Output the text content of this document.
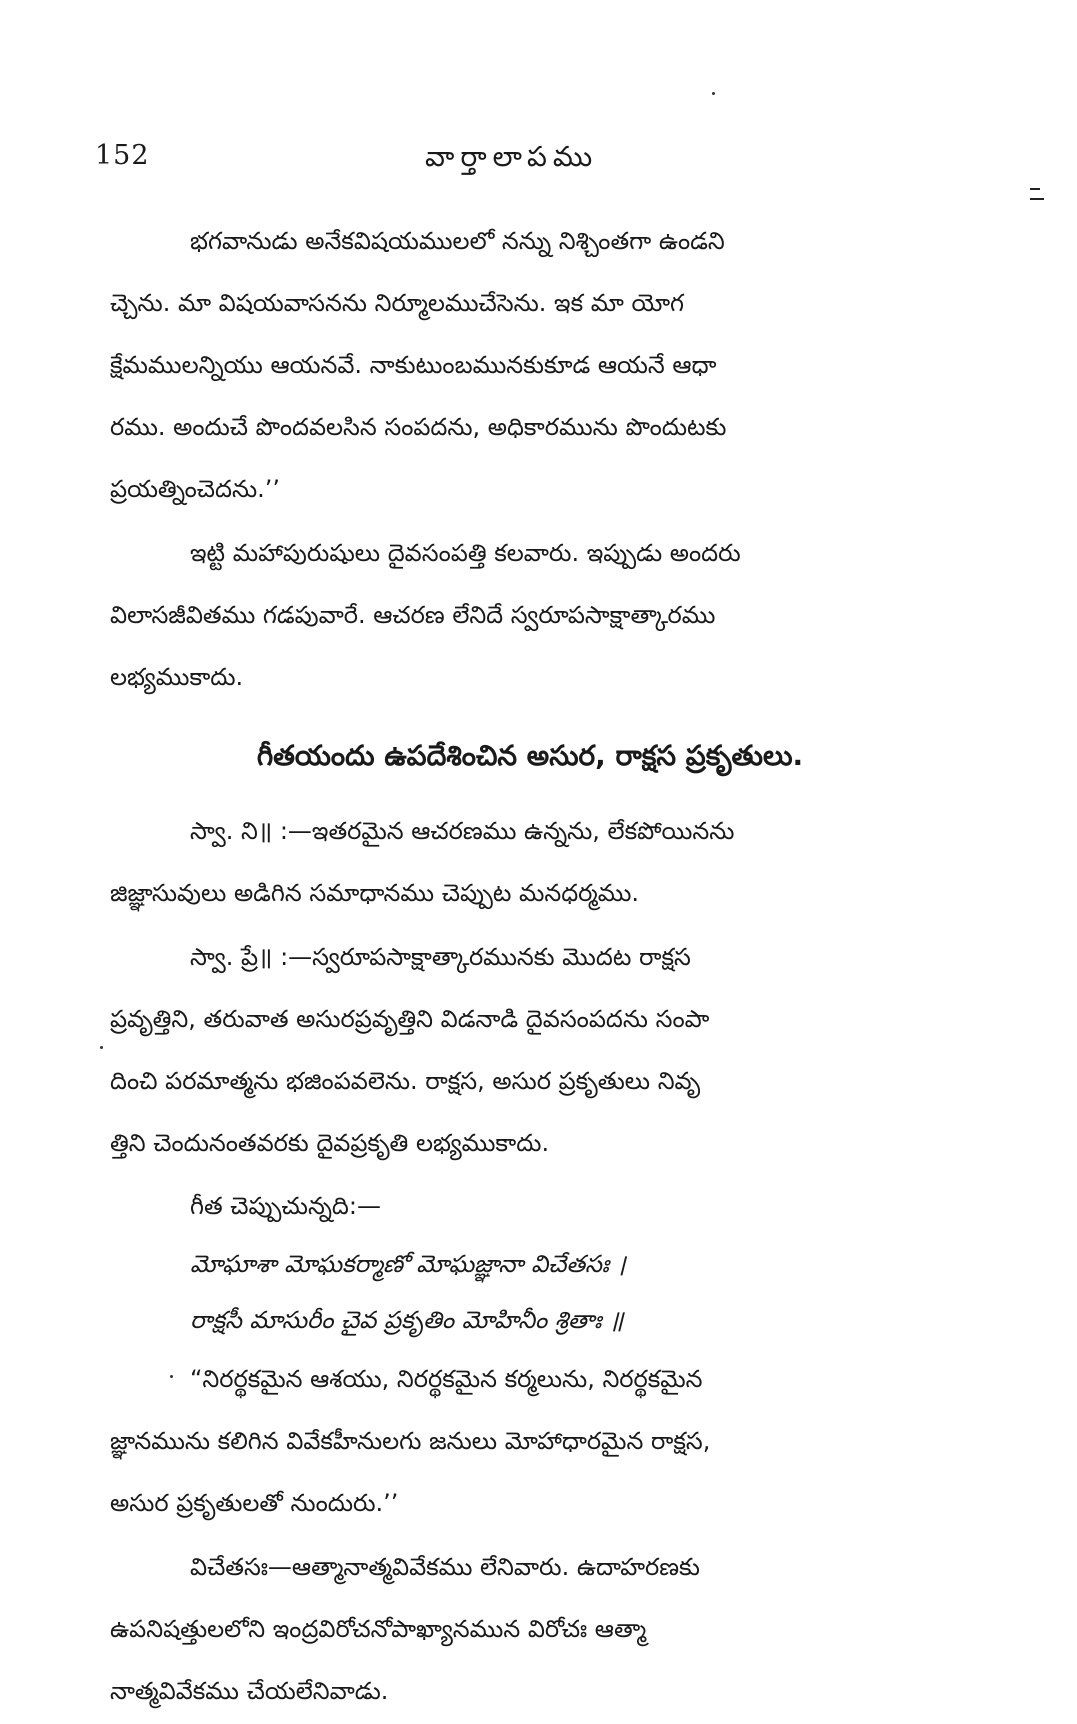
152	వార్తాలాపము
భగవానుడు అనేకవిషయములలో నన్ను నిశ్చింతగా ఉండని
చ్చెను. మా విషయవాసనను నిర్మూలముచేసెను. ఇక మా యోగ
క్షేమములన్నియు ఆయనవే. నాకుటుంబమునకుకూడ ఆయనే ఆధా
రము. అందుచే పొందవలసిన సంపదను, అధికారమును పొందుటకు
ప్రయత్నించెదను.’’
ఇట్టి మహాపురుషులు దైవసంపత్తి కలవారు. ఇప్పుడు అందరు
విలాసజీవితము గడపువారే. ఆచరణ లేనిదే స్వరూపసాక్షాత్కారము
లభ్యముకాదు.
గీతయందు ఉపదేశించిన అసుర, రాక్షస ప్రకృతులు.
స్వా. ని॥ :—ఇతరమైన ఆచరణము ఉన్నను, లేకపోయినను
జిజ్ఞాసువులు అడిగిన సమాధానము చెప్పుట మనధర్మము.
స్వా. ప్రే॥ :—స్వరూపసాక్షాత్కారమునకు మొదట రాక్షస
ప్రవృత్తిని, తరువాత అసురప్రవృత్తిని విడనాడి దైవసంపదను సంపా
దించి పరమాత్మను భజింపవలెను. రాక్షస, అసుర ప్రకృతులు నివృ
త్తిని చెందునంతవరకు దైవప్రకృతి లభ్యముకాదు.
గీత చెప్పుచున్నది:—
మోఘాశా మోఘకర్మాణో మోఘజ్ఞానా విచేతసః ।
రాక్షసీ మాసురీం చైవ ప్రకృతిం మోహినీం శ్రితాః ॥
“నిరర్థకమైన ఆశయు, నిరర్థకమైన కర్మలును, నిరర్థకమైన
జ్ఞానమును కలిగిన వివేకహీనులగు జనులు మోహాధారమైన రాక్షస,
అసుర ప్రకృతులతో నుందురు.’’
విచేతసః—ఆత్మానాత్మవివేకము లేనివారు. ఉదాహరణకు
ఉపనిషత్తులలోని ఇంద్రవిరోచనోపాఖ్యానమున విరోచః ఆత్మా
నాత్మవివేకము చేయలేనివాడు.
